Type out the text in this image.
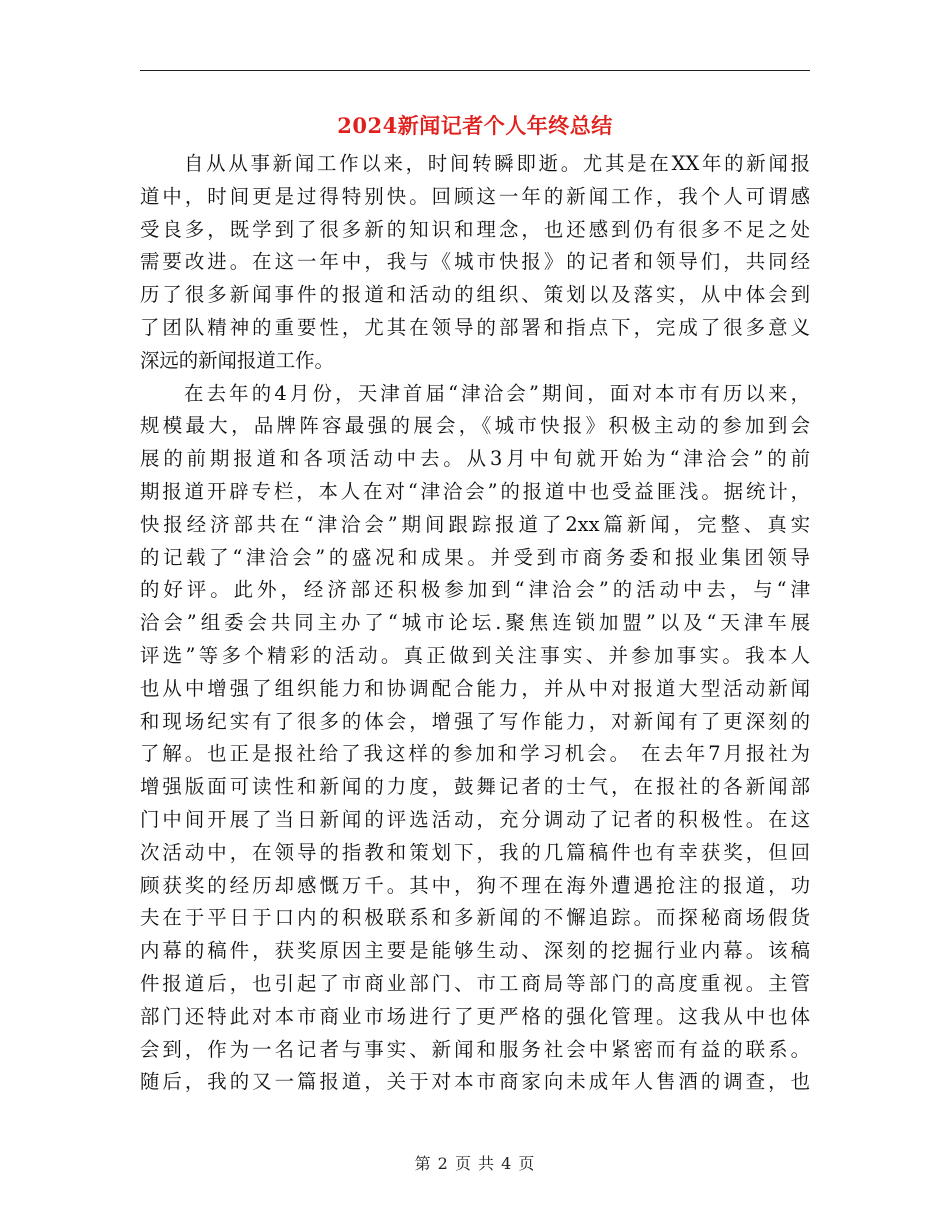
2024新闻记者个人年终总结
自从从事新闻工作以来，时间转瞬即逝。尤其是在XX年的新闻报
道中，时间更是过得特别快。回顾这一年的新闻工作，我个人可谓感
受良多，既学到了很多新的知识和理念，也还感到仍有很多不足之处
需要改进。在这一年中，我与《城市快报》的记者和领导们，共同经
历了很多新闻事件的报道和活动的组织、策划以及落实，从中体会到
了团队精神的重要性，尤其在领导的部署和指点下，完成了很多意义
深远的新闻报道工作。
在去年的4月份，天津首届“津洽会”期间，面对本市有历以来，
规模最大，品牌阵容最强的展会，《城市快报》积极主动的参加到会
展的前期报道和各项活动中去。从3月中旬就开始为“津洽会”的前
期报道开辟专栏，本人在对“津洽会”的报道中也受益匪浅。据统计，
快报经济部共在“津洽会”期间跟踪报道了2xx篇新闻，完整、真实
的记载了“津洽会”的盛况和成果。并受到市商务委和报业集团领导
的好评。此外，经济部还积极参加到“津洽会”的活动中去，与“津
洽会”组委会共同主办了“城市论坛.聚焦连锁加盟”以及“天津车展
评选”等多个精彩的活动。真正做到关注事实、并参加事实。我本人
也从中增强了组织能力和协调配合能力，并从中对报道大型活动新闻
和现场纪实有了很多的体会，增强了写作能力，对新闻有了更深刻的
了解。也正是报社给了我这样的参加和学习机会。 在去年7月报社为
增强版面可读性和新闻的力度，鼓舞记者的士气，在报社的各新闻部
门中间开展了当日新闻的评选活动，充分调动了记者的积极性。在这
次活动中，在领导的指教和策划下，我的几篇稿件也有幸获奖，但回
顾获奖的经历却感慨万千。其中，狗不理在海外遭遇抢注的报道，功
夫在于平日于口内的积极联系和多新闻的不懈追踪。而探秘商场假货
内幕的稿件，获奖原因主要是能够生动、深刻的挖掘行业内幕。该稿
件报道后，也引起了市商业部门、市工商局等部门的高度重视。主管
部门还特此对本市商业市场进行了更严格的强化管理。这我从中也体
会到，作为一名记者与事实、新闻和服务社会中紧密而有益的联系。
随后，我的又一篇报道，关于对本市商家向未成年人售酒的调查，也
第 2 页 共 4 页
